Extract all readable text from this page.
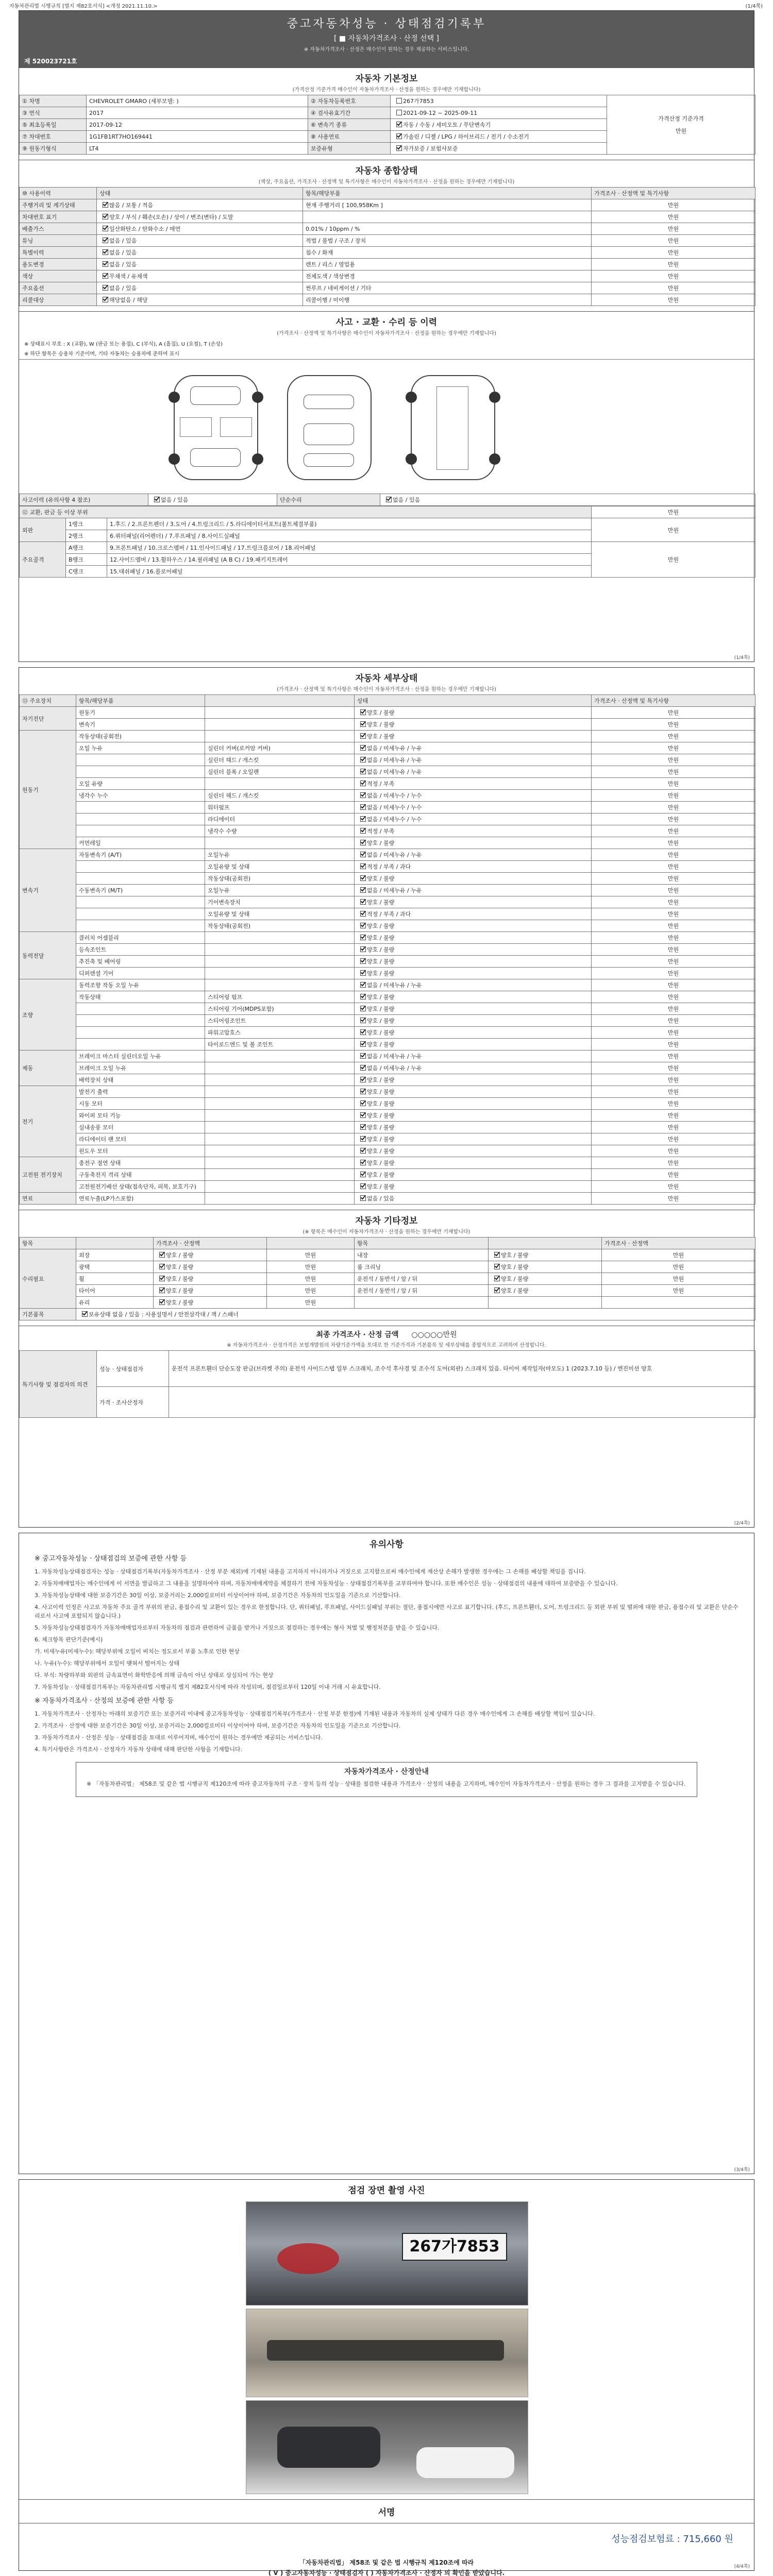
자동차관리법 시행규칙 [별지 제82호서식] <개정 2021.11.10.>	(1/4쪽)
중고자동차성능 · 상태점검기록부
[ ■ 자동차가격조사 · 산정 선택 ]
※ 자동차가격조사 · 산정은 매수인이 원하는 경우 제공하는 서비스입니다.
제 520023721호
자동차 기본정보
(가격산정 기준가격 매수인이 자동차가격조사 · 산정을 원하는 경우에만 기재합니다)
① 차명	CHEVROLET GMARO (세부모델: )	② 자동차등록번호	267가7853	가격산정 기준가격
만원

③ 연식	2017	④ 검사유효기간	2021-09-12 ~ 2025-09-11	
⑤ 최초등록일	2017-09-12	⑥ 변속기 종류	자동 / 수동 / 세미오토 / 무단변속기	
⑦ 차대번호	1G1FB1RT7HO169441	⑧ 사용연료	가솔린 / 디젤 / LPG / 하이브리드 / 전기 / 수소전기	
⑨ 원동기형식	LT4	보증유형	자가보증 / 보험사보증	
자동차 종합상태
(색상, 주요옵션, 가격조사 · 산정액 및 특기사항은 매수인이 자동차가격조사 · 산정을 원하는 경우에만 기재합니다)
⑩ 사용이력	상태	항목/해당부품	가격조사 · 산정액 및 특기사항
주행거리 및 계기상태	많음 / 보통 / 적음	현재 주행거리 [ 100,958Km ]	만원
차대번호 표기	양호 / 부식 / 훼손(오손) / 상이 / 변조(변타) / 도말		만원
배출가스	일산화탄소 / 탄화수소 / 매연	0.01% / 10ppm / %	만원
튜닝	없음 / 있음	적법 / 불법 / 구조 / 장치	만원
특별이력	없음 / 있음	침수 / 화재	만원
용도변경	없음 / 있음	렌트 / 리스 / 영업용	만원
색상	무채색 / 유채색	전체도색 / 색상변경	만원
주요옵션	없음 / 있음	썬루프 / 네비게이션 / 기타	만원
리콜대상	해당없음 / 해당	리콜이행 / 미이행	만원
사고 · 교환 · 수리 등 이력
(가격조사 · 산정액 및 특기사항은 매수인이 자동차가격조사 · 산정을 원하는 경우에만 기재합니다)
※ 상태표시 부호 : X (교환), W (판금 또는 용접), C (부식), A (흠집), U (요철), T (손상)
※ 하단 항목은 승용차 기준이며, 기타 자동차는 승용차에 준하여 표시
사고이력 (유의사항 4 참조)	없음 / 있음	단순수리	없음 / 있음
⑫ 교환, 판금 등 이상 부위			만원
외판	1랭크	1.후드 / 2.프론트펜더 / 3.도어 / 4.트렁크리드 / 5.라디에이터서포트(볼트체결부품)	만원
	2랭크	6.쿼터패널(리어펜더) / 7.루프패널 / 8.사이드실패널	
주요골격	A랭크	9.프론트패널 / 10.크로스멤버 / 11.인사이드패널 / 17.트렁크플로어 / 18.리어패널	만원
	B랭크	12.사이드멤버 / 13.휠하우스 / 14.필러패널 (A B C) / 19.패키지트레이	
	C랭크	15.대쉬패널 / 16.플로어패널	
(1/4쪽)
자동차 세부상태
(가격조사 · 산정액 및 특기사항은 매수인이 자동차가격조사 · 산정을 원하는 경우에만 기재합니다)
⑬ 주요장치	항목/해당부품		상태	가격조사 · 산정액 및 특기사항
자기진단	원동기		양호 / 불량	만원
	변속기		양호 / 불량	만원
원동기	작동상태(공회전)		양호 / 불량	만원
	오일 누유	실린더 커버(로커암 커버)	없음 / 미세누유 / 누유	만원
		실린더 헤드 / 개스킷	없음 / 미세누유 / 누유	만원
		실린더 블록 / 오일팬	없음 / 미세누유 / 누유	만원
	오일 유량		적정 / 부족	만원
	냉각수 누수	실린더 헤드 / 개스킷	없음 / 미세누수 / 누수	만원
		워터펌프	없음 / 미세누수 / 누수	만원
		라디에이터	없음 / 미세누수 / 누수	만원
		냉각수 수량	적정 / 부족	만원
	커먼레일		양호 / 불량	만원
변속기	자동변속기 (A/T)	오일누유	없음 / 미세누유 / 누유	만원
		오일유량 및 상태	적정 / 부족 / 과다	만원
		작동상태(공회전)	양호 / 불량	만원
	수동변속기 (M/T)	오일누유	없음 / 미세누유 / 누유	만원
		기어변속장치	양호 / 불량	만원
		오일유량 및 상태	적정 / 부족 / 과다	만원
		작동상태(공회전)	양호 / 불량	만원
동력전달	클러치 어셈블리		양호 / 불량	만원
	등속조인트		양호 / 불량	만원
	추진축 및 베어링		양호 / 불량	만원
	디퍼렌셜 기어		양호 / 불량	만원
조향	동력조향 작동 오일 누유		없음 / 미세누유 / 누유	만원
	작동상태	스티어링 펌프	양호 / 불량	만원
		스티어링 기어(MDPS포함)	양호 / 불량	만원
		스티어링조인트	양호 / 불량	만원
		파워고압호스	양호 / 불량	만원
		타이로드엔드 및 볼 조인트	양호 / 불량	만원
제동	브레이크 마스터 실린더오일 누유		없음 / 미세누유 / 누유	만원
	브레이크 오일 누유		없음 / 미세누유 / 누유	만원
	배력장치 상태		양호 / 불량	만원
전기	발전기 출력		양호 / 불량	만원
	시동 모터		양호 / 불량	만원
	와이퍼 모터 기능		양호 / 불량	만원
	실내송풍 모터		양호 / 불량	만원
	라디에이터 팬 모터		양호 / 불량	만원
	윈도우 모터		양호 / 불량	만원
고전원 전기장치	충전구 절연 상태		양호 / 불량	만원
	구동축전지 격리 상태		양호 / 불량	만원
	고전원전기배선 상태(접속단자, 피복, 보호기구)		양호 / 불량	만원
연료	연료누출(LP가스포함)		없음 / 있음	만원
자동차 기타정보
(※ 항목은 매수인이 자동차가격조사 · 산정을 원하는 경우에만 기재합니다)
항목		가격조사 · 산정액		항목		가격조사 · 산정액
수리필요	외장	양호 / 불량	만원	내장	양호 / 불량	만원
	광택	양호 / 불량	만원	룸 크리닝	양호 / 불량	만원
	휠	양호 / 불량	만원	운전석 / 동반석 / 앞 / 뒤	양호 / 불량	만원
	타이어	양호 / 불량	만원	운전석 / 동반석 / 앞 / 뒤	양호 / 불량	만원
	유리	양호 / 불량	만원			
기본품목	보유상태 없음 / 있음 : 사용설명서 / 안전삼각대 / 잭 / 스패너					
최종 가격조사 · 산정 금액 ○○○○○만원
※ 자동차가격조사 · 산정가격은 보험개발원의 차량기준가액을 토대로 한 기준가격과 기본품목 및 세부상태를 종합적으로 고려하여 산정합니다.
특기사항 및 점검자의 의견	성능 · 상태점검자	운전석 프론트휀더 단순도장 판금(브라켓 주의) 운전석 사이드스텝 일부 스크래치, 조수석 후사경 및 조수석 도어(외판) 스크래치 있음. 타이어 제작일자(마모도) 1 (2023.7.10 등) / 엔진미션 양호
	가격 · 조사산정자	
(2/4쪽)
유의사항
※ 중고자동차성능 · 상태점검의 보증에 관한 사항 등

1. 자동차성능상태점검자는 성능 · 상태점검기록부(자동차가격조사 · 산정 부분 제외)에 기재된 내용을 고지하지 아니하거나 거짓으로 고지함으로써 매수인에게 재산상 손해가 발생한 경우에는 그 손해를 배상할 책임을 집니다.

2. 자동차매매업자는 매수인에게 이 서면을 발급하고 그 내용을 설명하여야 하며, 자동차매매계약을 체결하기 전에 자동차성능 · 상태점검기록부를 교부하여야 합니다. 또한 매수인은 성능 · 상태점검의 내용에 대하여 보증받을 수 있습니다.

3. 자동차성능상태에 대한 보증기간은 30일 이상, 보증거리는 2,000킬로미터 이상이어야 하며, 보증기간은 자동차의 인도일을 기준으로 기산합니다.

4. 사고이력 인정은 사고로 자동차 주요 골격 부위의 판금, 용접수리 및 교환이 있는 경우로 한정합니다. 단, 쿼터패널, 루프패널, 사이드실패널 부위는 절단, 용접시에만 사고로 표기합니다. (후드, 프론트휀더, 도어, 트렁크리드 등 외판 부위 및 범퍼에 대한 판금, 용접수리 및 교환은 단순수리로서 사고에 포함되지 않습니다.)

5. 자동차성능상태점검자가 자동차매매업자로부터 자동차의 점검과 관련하여 금품을 받거나 거짓으로 점검하는 경우에는 형사 처벌 및 행정처분을 받을 수 있습니다.

6. 체크항목 판단기준(예시)

가. 미세누유(미세누수): 해당부위에 오일이 비치는 정도로서 부품 노후로 인한 현상

나. 누유(누수): 해당부위에서 오일이 맺혀서 떨어지는 상태

다. 부식: 차량하부와 외판의 금속표면이 화학반응에 의해 금속이 아닌 상태로 상실되어 가는 현상

7. 자동차성능 · 상태점검기록부는 자동차관리법 시행규칙 별지 제82호서식에 따라 작성되며, 점검일로부터 120일 이내 거래 시 유효합니다.

※ 자동차가격조사 · 산정의 보증에 관한 사항 등

1. 자동차가격조사 · 산정자는 아래의 보증기간 또는 보증거리 이내에 중고자동차성능 · 상태점검기록부(가격조사 · 산정 부분 한정)에 기재된 내용과 자동차의 실제 상태가 다른 경우 매수인에게 그 손해를 배상할 책임이 있습니다.

2. 가격조사 · 산정에 대한 보증기간은 30일 이상, 보증거리는 2,000킬로미터 이상이어야 하며, 보증기간은 자동차의 인도일을 기준으로 기산합니다.

3. 자동차가격조사 · 산정은 성능 · 상태점검을 토대로 이루어지며, 매수인이 원하는 경우에만 제공되는 서비스입니다.

4. 특기사항란은 가격조사 · 산정자가 자동차 상태에 대해 판단한 사항을 기재합니다.

자동차가격조사 · 산정안내

※ 「자동차관리법」 제58조 및 같은 법 시행규칙 제120조에 따라 중고자동차의 구조 · 장치 등의 성능 · 상태를 점검한 내용과 가격조사 · 산정의 내용을 고지하며, 매수인이 자동차가격조사 · 산정을 원하는 경우 그 결과를 고지받을 수 있습니다.

(3/4쪽)
점검 장면 촬영 사진
267가7853
서명
성능점검보험료 : 715,660 원
「자동차관리법」 제58조 및 같은 법 시행규칙 제120조에 따라
( V ) 중고자동차성능 · 상태점검자 ( ) 자동차가격조사 · 산정자 의 확인을 받았습니다.
(4/4쪽)
